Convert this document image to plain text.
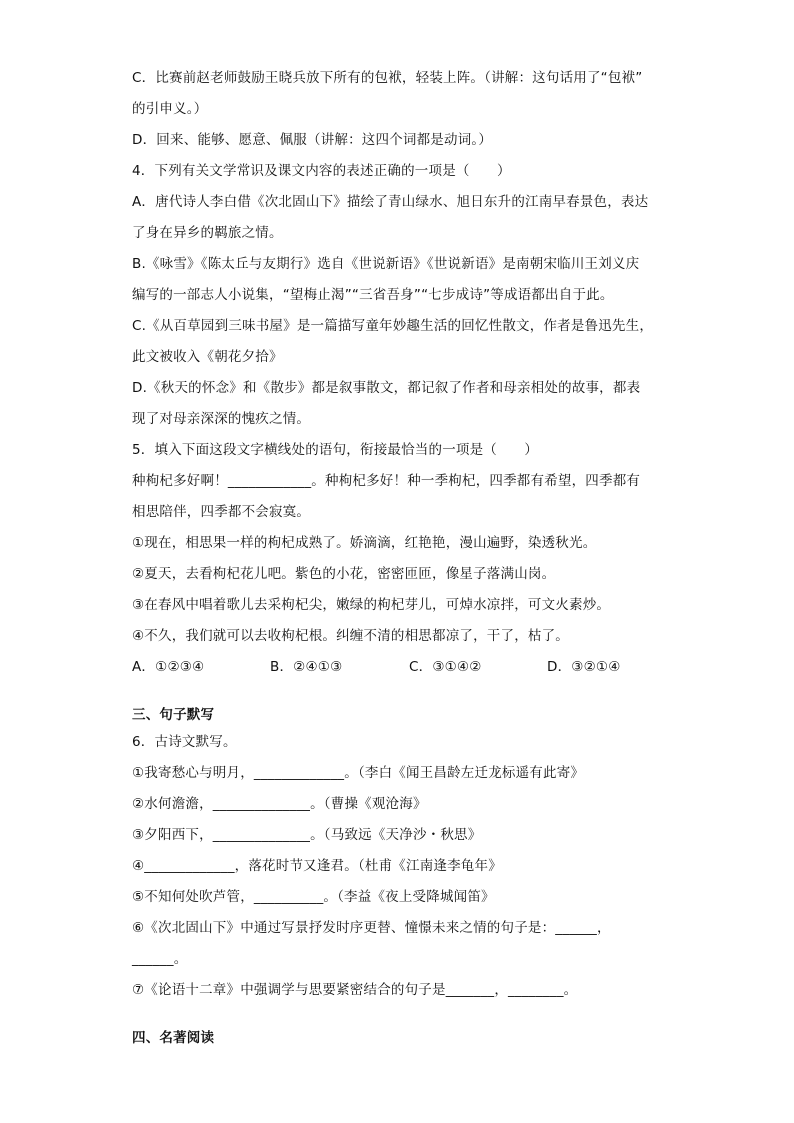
C．比赛前赵老师鼓励王晓兵放下所有的包袱，轻装上阵。（讲解：这句话用了“包袱”
的引申义。）
D．回来、能够、愿意、佩服（讲解：这四个词都是动词。）
4．下列有关文学常识及课文内容的表述正确的一项是（　　）
A．唐代诗人李白借《次北固山下》描绘了青山绿水、旭日东升的江南早春景色，表达
了身在异乡的羁旅之情。
B.《咏雪》《陈太丘与友期行》选自《世说新语》《世说新语》是南朝宋临川王刘义庆
编写的一部志人小说集，“望梅止渴”“三省吾身”“七步成诗”等成语都出自于此。
C.《从百草园到三味书屋》是一篇描写童年妙趣生活的回忆性散文，作者是鲁迅先生，
此文被收入《朝花夕拾》
D.《秋天的怀念》和《散步》都是叙事散文，都记叙了作者和母亲相处的故事，都表
现了对母亲深深的愧疚之情。
5．填入下面这段文字横线处的语句，衔接最恰当的一项是（　　）
种枸杞多好啊！____________。种枸杞多好！种一季枸杞，四季都有希望，四季都有
相思陪伴，四季都不会寂寞。
①现在，相思果一样的枸杞成熟了。娇滴滴，红艳艳，漫山遍野，染透秋光。
②夏天，去看枸杞花儿吧。紫色的小花，密密匝匝，像星子落满山岗。
③在春风中唱着歌儿去采枸杞尖，嫩绿的枸杞芽儿，可焯水凉拌，可文火素炒。
④不久，我们就可以去收枸杞根。纠缠不清的相思都凉了，干了，枯了。
A．①②③④	B．②④①③	C．③①④②	D．③②①④
三、句子默写
6．古诗文默写。
①我寄愁心与明月，_____________。（李白《闻王昌龄左迁龙标遥有此寄》
②水何澹澹，______________。（曹操《观沧海》
③夕阳西下，______________。（马致远《天净沙・秋思》
④_____________，落花时节又逢君。（杜甫《江南逢李龟年》
⑤不知何处吹芦管，__________。（李益《夜上受降城闻笛》
⑥《次北固山下》中通过写景抒发时序更替、憧憬未来之情的句子是：______，
______。
⑦《论语十二章》中强调学与思要紧密结合的句子是_______，________。
四、名著阅读
